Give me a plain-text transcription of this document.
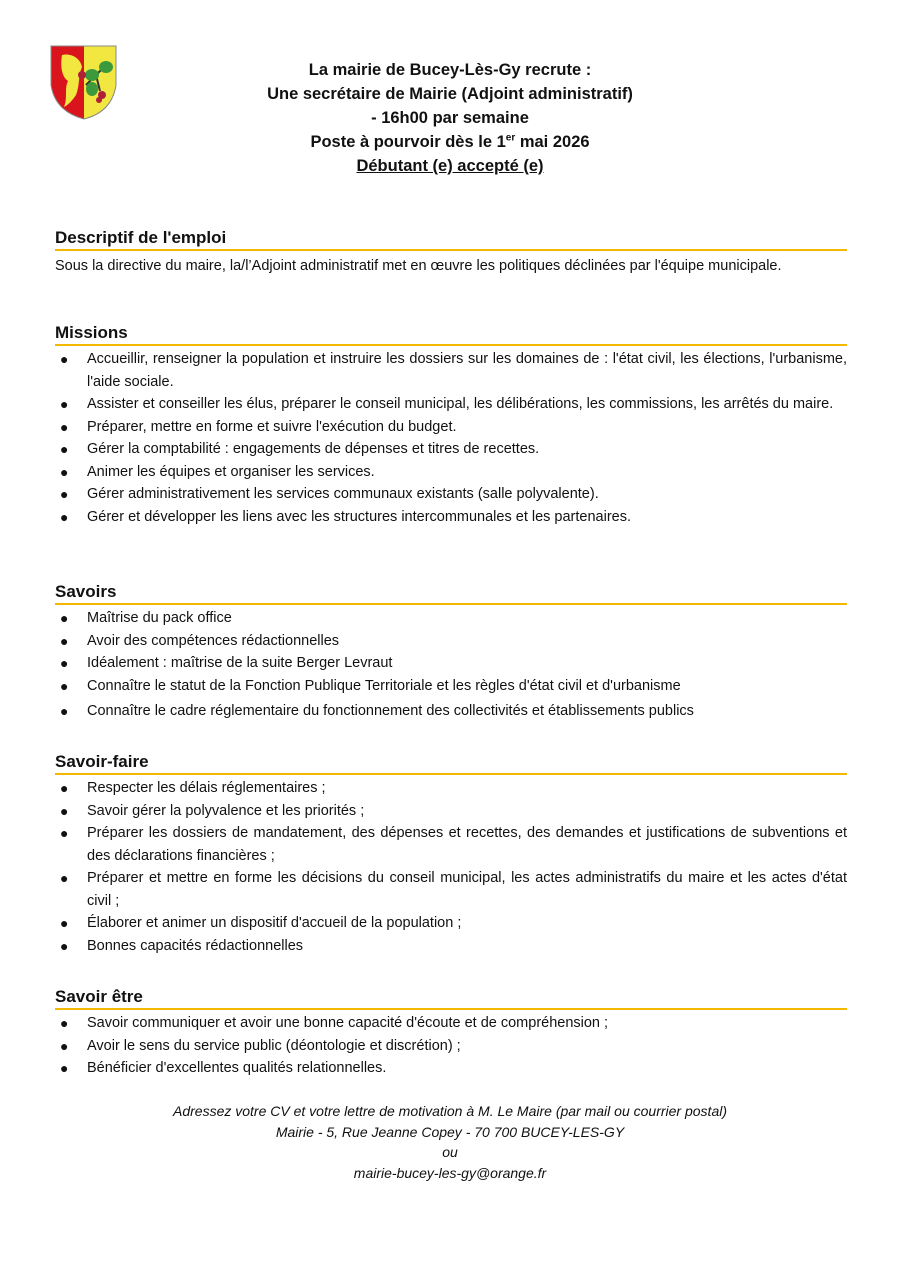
La mairie de Bucey-Lès-Gy recrute :
Une secrétaire de Mairie (Adjoint administratif)
- 16h00 par semaine
Poste à pourvoir dès le 1er mai 2026
Débutant (e) accepté (e)
Descriptif de l'emploi

Sous la directive du maire, la/l’Adjoint administratif met en œuvre les politiques déclinées par l'équipe municipale.

Missions
● Accueillir, renseigner la population et instruire les dossiers sur les domaines de : l'état civil, les élections, l'urbanisme, l'aide sociale.
● Assister et conseiller les élus, préparer le conseil municipal, les délibérations, les commissions, les arrêtés du maire.
● Préparer, mettre en forme et suivre l'exécution du budget.
● Gérer la comptabilité : engagements de dépenses et titres de recettes.
● Animer les équipes et organiser les services.
● Gérer administrativement les services communaux existants (salle polyvalente).
● Gérer et développer les liens avec les structures intercommunales et les partenaires.
Savoirs
● Maîtrise du pack office
● Avoir des compétences rédactionnelles
● Idéalement : maîtrise de la suite Berger Levraut
● Connaître le statut de la Fonction Publique Territoriale et les règles d'état civil et d'urbanisme
● Connaître le cadre réglementaire du fonctionnement des collectivités et établissements publics
Savoir-faire
● Respecter les délais réglementaires ;
● Savoir gérer la polyvalence et les priorités ;
● Préparer les dossiers de mandatement, des dépenses et recettes, des demandes et justifications de subventions et des déclarations financières ;
● Préparer et mettre en forme les décisions du conseil municipal, les actes administratifs du maire et les actes d'état civil ;
● Élaborer et animer un dispositif d'accueil de la population ;
● Bonnes capacités rédactionnelles
Savoir être
● Savoir communiquer et avoir une bonne capacité d'écoute et de compréhension ;
● Avoir le sens du service public (déontologie et discrétion) ;
● Bénéficier d'excellentes qualités relationnelles.
Adressez votre CV et votre lettre de motivation à M. Le Maire (par mail ou courrier postal)
Mairie - 5, Rue Jeanne Copey - 70 700 BUCEY-LES-GY
ou
mairie-bucey-les-gy@orange.fr
